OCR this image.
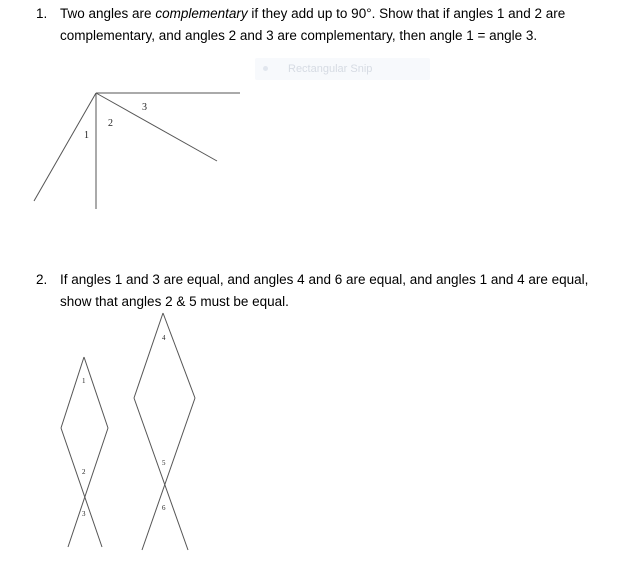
1. Two angles are complementary if they add up to 90°. Show that if angles 1 and 2 are complementary, and angles 2 and 3 are complementary, then angle 1 = angle 3.
Rectangular Snip
1
2
3
2. If angles 1 and 3 are equal, and angles 4 and 6 are equal, and angles 1 and 4 are equal, show that angles 2 & 5 must be equal.
1
2
3
4
5
6
